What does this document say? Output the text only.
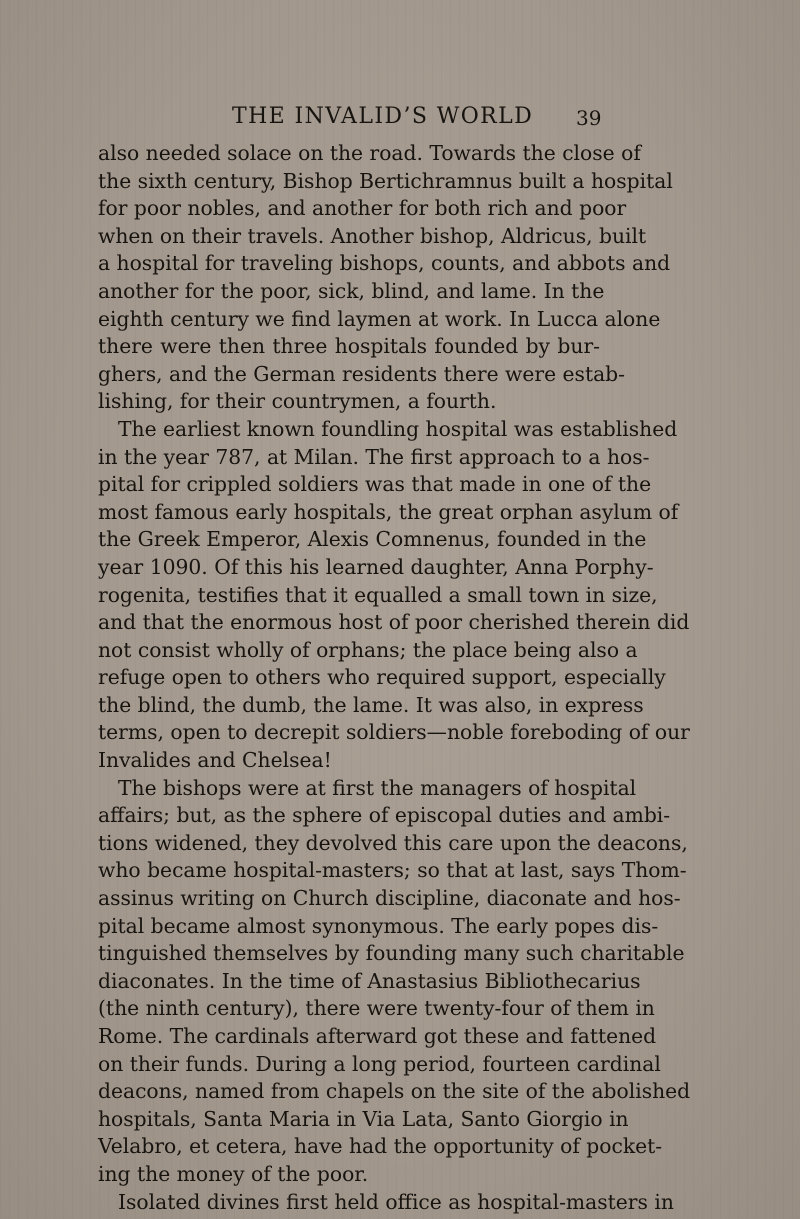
THE INVALID’S WORLD 39
also needed solace on the road. Towards the close of
the sixth century, Bishop Bertichramnus built a hospital
for poor nobles, and another for both rich and poor
when on their travels. Another bishop, Aldricus, built
a hospital for traveling bishops, counts, and abbots and
another for the poor, sick, blind, and lame. In the
eighth century we find laymen at work. In Lucca alone
there were then three hospitals founded by bur-
ghers, and the German residents there were estab-
lishing, for their countrymen, a fourth.
The earliest known foundling hospital was established
in the year 787, at Milan. The first approach to a hos-
pital for crippled soldiers was that made in one of the
most famous early hospitals, the great orphan asylum of
the Greek Emperor, Alexis Comnenus, founded in the
year 1090. Of this his learned daughter, Anna Porphy-
rogenita, testifies that it equalled a small town in size,
and that the enormous host of poor cherished therein did
not consist wholly of orphans; the place being also a
refuge open to others who required support, especially
the blind, the dumb, the lame. It was also, in express
terms, open to decrepit soldiers—noble foreboding of our
Invalides and Chelsea!
The bishops were at first the managers of hospital
affairs; but, as the sphere of episcopal duties and ambi-
tions widened, they devolved this care upon the deacons,
who became hospital-masters; so that at last, says Thom-
assinus writing on Church discipline, diaconate and hos-
pital became almost synonymous. The early popes dis-
tinguished themselves by founding many such charitable
diaconates. In the time of Anastasius Bibliothecarius
(the ninth century), there were twenty-four of them in
Rome. The cardinals afterward got these and fattened
on their funds. During a long period, fourteen cardinal
deacons, named from chapels on the site of the abolished
hospitals, Santa Maria in Via Lata, Santo Giorgio in
Velabro, et cetera, have had the opportunity of pocket-
ing the money of the poor.
Isolated divines first held office as hospital-masters in
